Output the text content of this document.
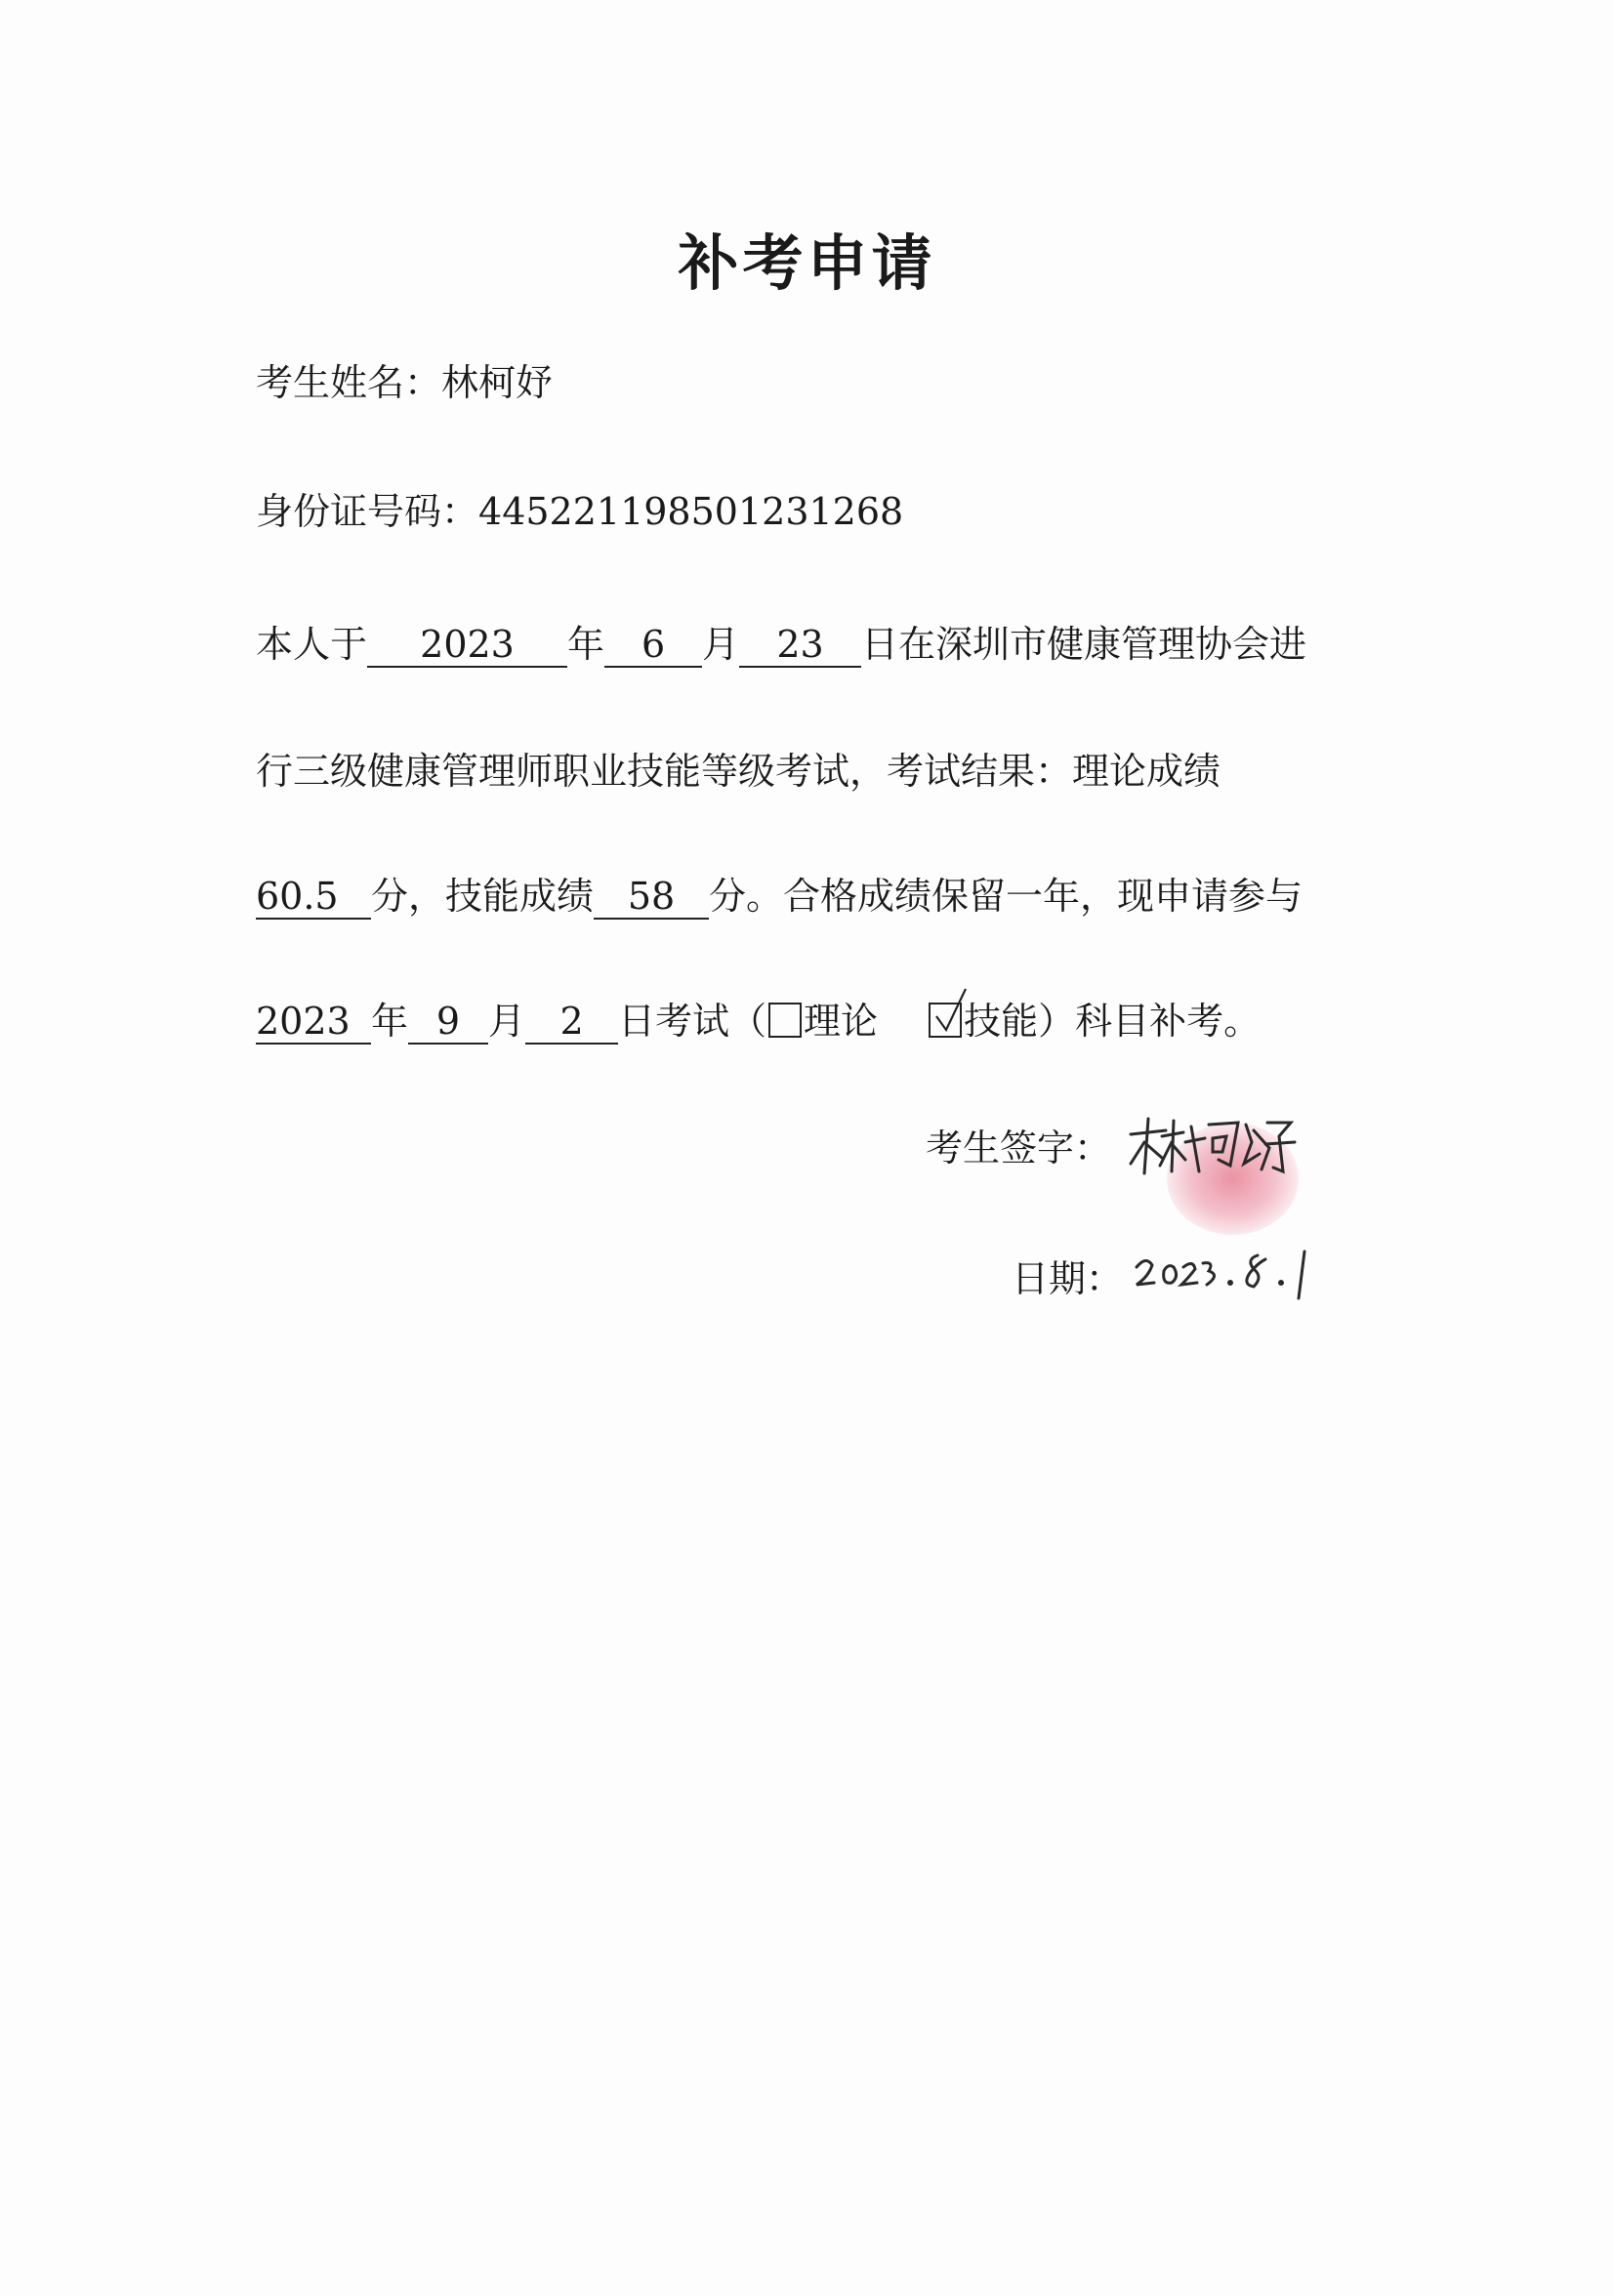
补考申请
考生姓名：林柯妤
身份证号码：445221198501231268
本人于 2023 年 6 月 23 日在深圳市健康管理协会进
行三级健康管理师职业技能等级考试，考试结果：理论成绩
60.5 分，技能成绩 58 分。合格成绩保留一年，现申请参与
2023 年 9 月 2 日考试（ 理论 技能）科目补考。
考生签字：
日期：
